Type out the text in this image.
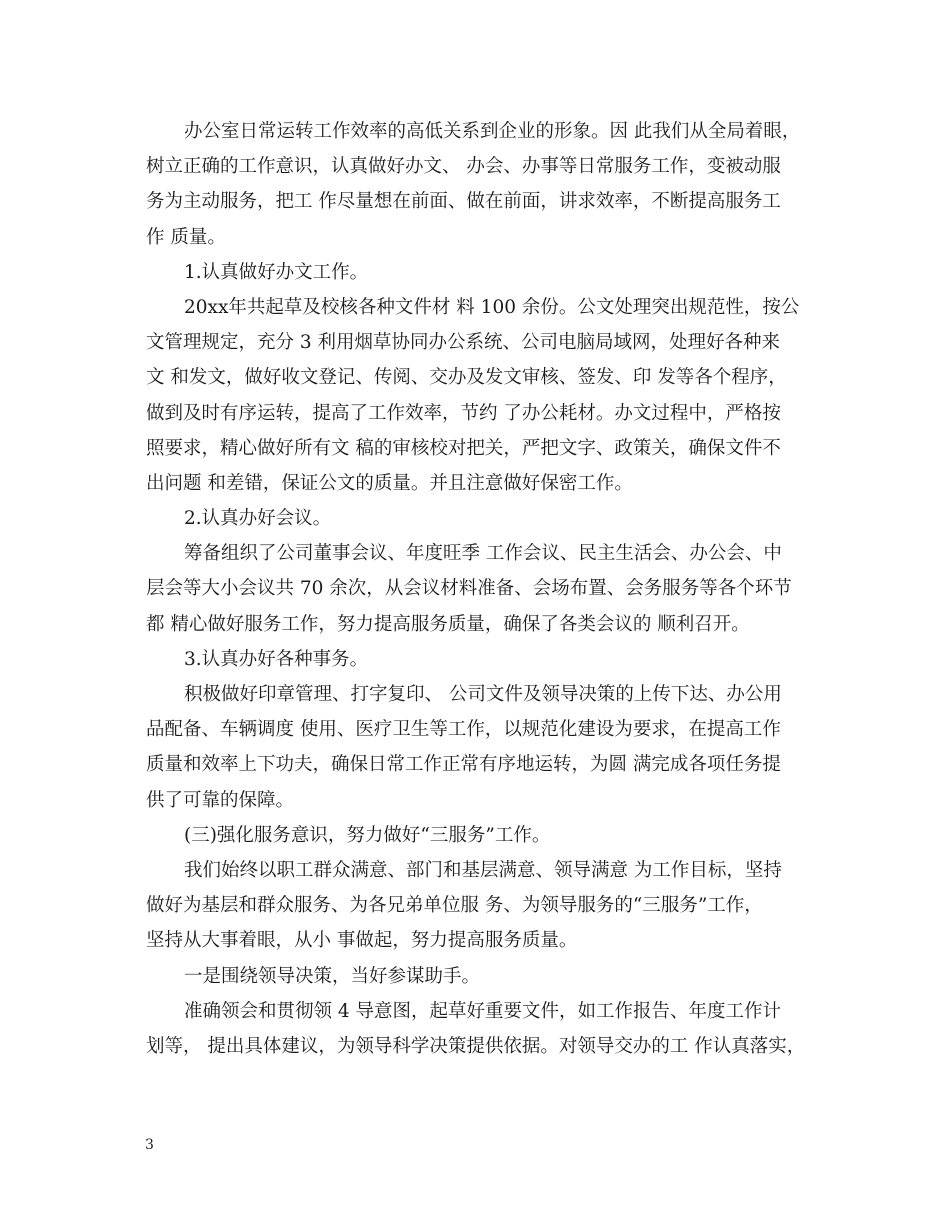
办公室日常运转工作效率的高低关系到企业的形象。因 此我们从全局着眼，
树立正确的工作意识，认真做好办文、 办会、办事等日常服务工作，变被动服
务为主动服务，把工 作尽量想在前面、做在前面，讲求效率，不断提高服务工
作 质量。
1.认真做好办文工作。
20xx年共起草及校核各种文件材 料 100 余份。公文处理突出规范性，按公
文管理规定，充分 3 利用烟草协同办公系统、公司电脑局域网，处理好各种来
文 和发文，做好收文登记、传阅、交办及发文审核、签发、印 发等各个程序，
做到及时有序运转，提高了工作效率，节约 了办公耗材。办文过程中，严格按
照要求，精心做好所有文 稿的审核校对把关，严把文字、政策关，确保文件不
出问题 和差错，保证公文的质量。并且注意做好保密工作。
2.认真办好会议。
筹备组织了公司董事会议、年度旺季 工作会议、民主生活会、办公会、中
层会等大小会议共 70 余次，从会议材料准备、会场布置、会务服务等各个环节
都 精心做好服务工作，努力提高服务质量，确保了各类会议的 顺利召开。
3.认真办好各种事务。
积极做好印章管理、打字复印、 公司文件及领导决策的上传下达、办公用
品配备、车辆调度 使用、医疗卫生等工作，以规范化建设为要求，在提高工作
质量和效率上下功夫，确保日常工作正常有序地运转，为圆 满完成各项任务提
供了可靠的保障。
(三)强化服务意识，努力做好“三服务”工作。
我们始终以职工群众满意、部门和基层满意、领导满意 为工作目标，坚持
做好为基层和群众服务、为各兄弟单位服 务、为领导服务的“三服务”工作，
坚持从大事着眼，从小 事做起，努力提高服务质量。
一是围绕领导决策，当好参谋助手。
准确领会和贯彻领 4 导意图，起草好重要文件，如工作报告、年度工作计
划等， 提出具体建议，为领导科学决策提供依据。对领导交办的工 作认真落实，
3
